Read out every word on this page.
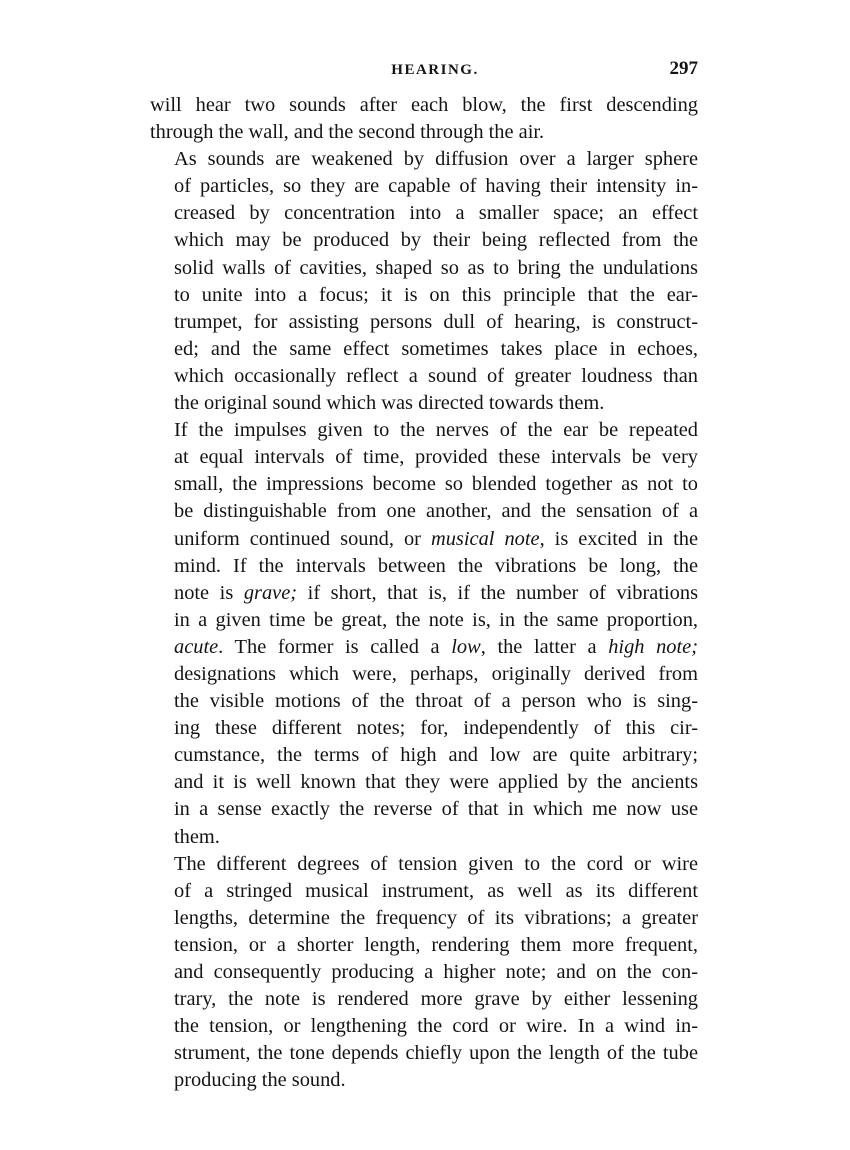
HEARING.	297
will hear two sounds after each blow, the first descending
through the wall, and the second through the air.
As sounds are weakened by diffusion over a larger sphere
of particles, so they are capable of having their intensity in-
creased by concentration into a smaller space; an effect
which may be produced by their being reflected from the
solid walls of cavities, shaped so as to bring the undulations
to unite into a focus; it is on this principle that the ear-
trumpet, for assisting persons dull of hearing, is construct-
ed; and the same effect sometimes takes place in echoes,
which occasionally reflect a sound of greater loudness than
the original sound which was directed towards them.
If the impulses given to the nerves of the ear be repeated
at equal intervals of time, provided these intervals be very
small, the impressions become so blended together as not to
be distinguishable from one another, and the sensation of a
uniform continued sound, or musical note, is excited in the
mind. If the intervals between the vibrations be long, the
note is grave; if short, that is, if the number of vibrations
in a given time be great, the note is, in the same proportion,
acute. The former is called a low, the latter a high note;
designations which were, perhaps, originally derived from
the visible motions of the throat of a person who is sing-
ing these different notes; for, independently of this cir-
cumstance, the terms of high and low are quite arbitrary;
and it is well known that they were applied by the ancients
in a sense exactly the reverse of that in which me now use
them.
The different degrees of tension given to the cord or wire
of a stringed musical instrument, as well as its different
lengths, determine the frequency of its vibrations; a greater
tension, or a shorter length, rendering them more frequent,
and consequently producing a higher note; and on the con-
trary, the note is rendered more grave by either lessening
the tension, or lengthening the cord or wire. In a wind in-
strument, the tone depends chiefly upon the length of the tube
producing the sound.
